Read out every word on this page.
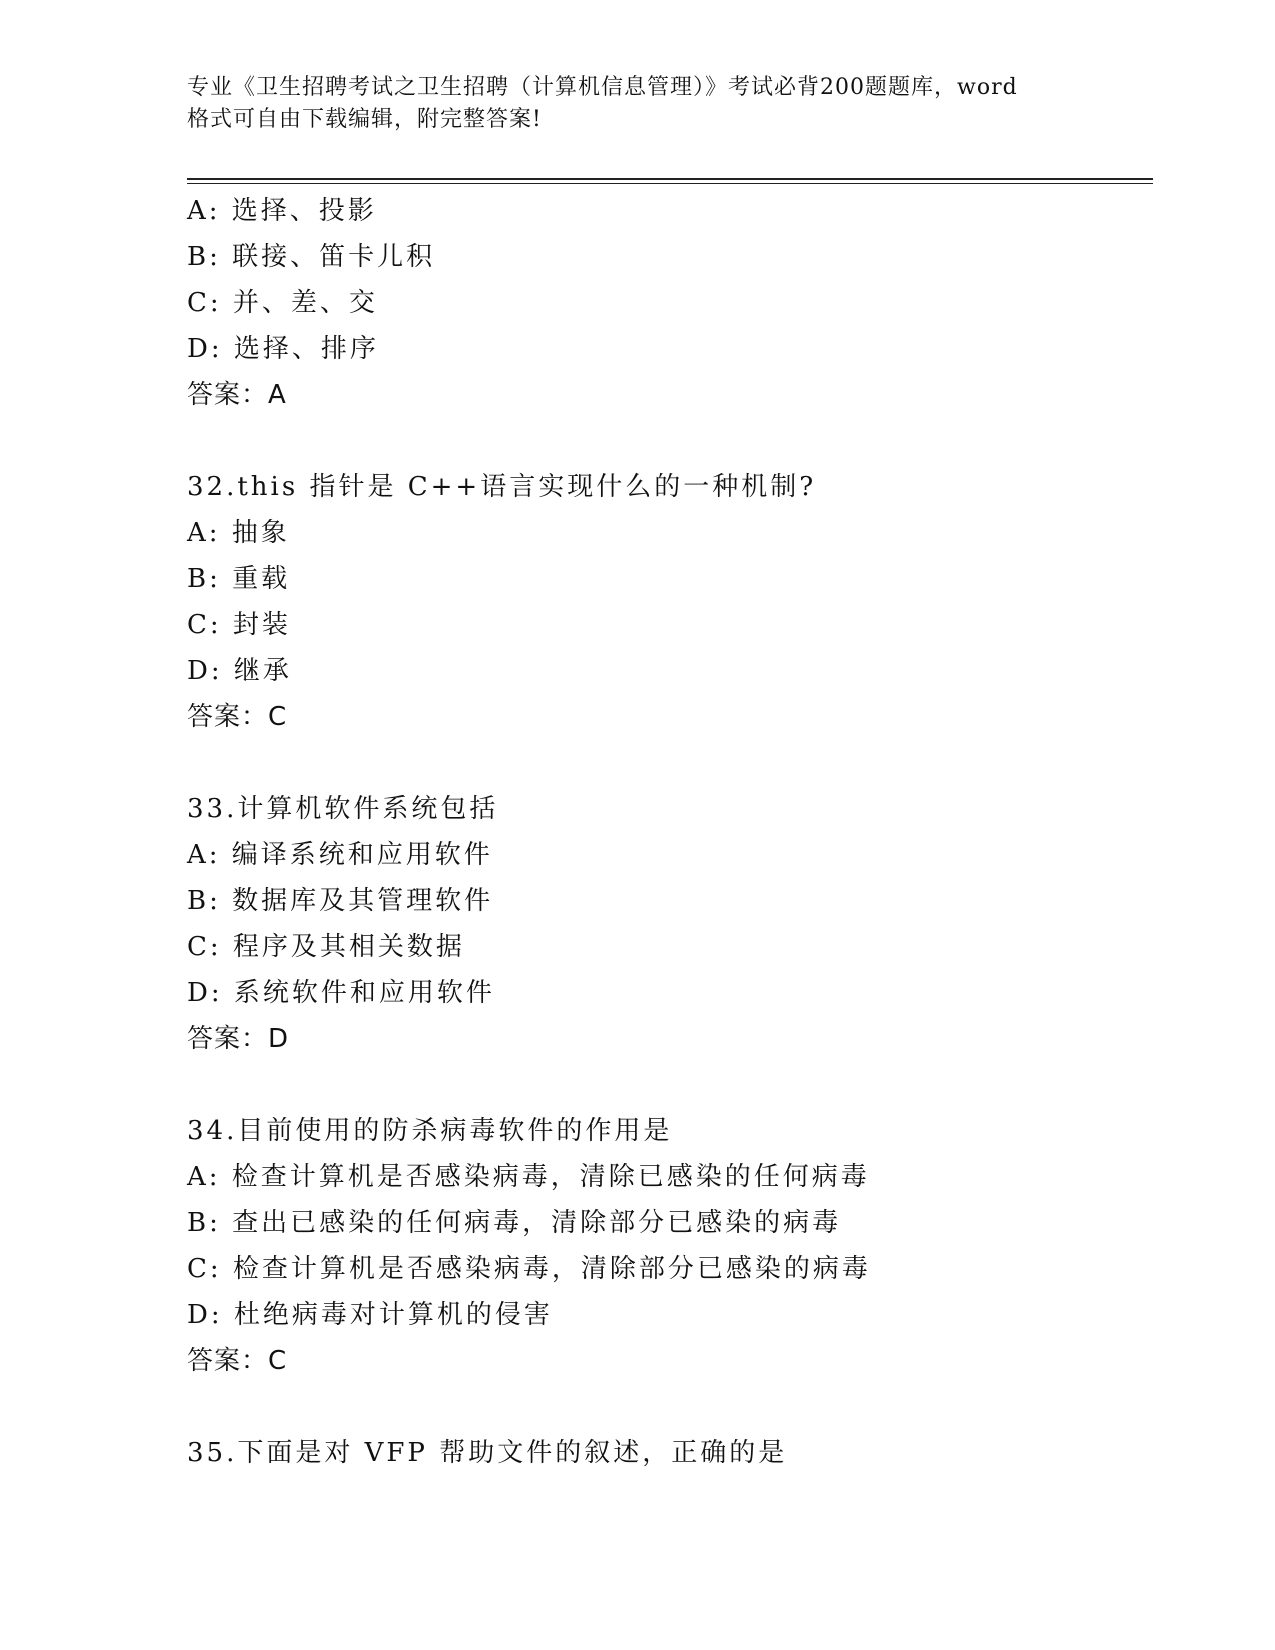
专业《卫生招聘考试之卫生招聘（计算机信息管理）》考试必背200题题库，word
格式可自由下载编辑，附完整答案!
A: 选择、投影
B: 联接、笛卡儿积
C: 并、差、交
D: 选择、排序
答案：A
32.this 指针是 C++语言实现什么的一种机制?
A: 抽象
B: 重载
C: 封装
D: 继承
答案：C
33.计算机软件系统包括
A: 编译系统和应用软件
B: 数据库及其管理软件
C: 程序及其相关数据
D: 系统软件和应用软件
答案：D
34.目前使用的防杀病毒软件的作用是
A: 检查计算机是否感染病毒，清除已感染的任何病毒
B: 查出已感染的任何病毒，清除部分已感染的病毒
C: 检查计算机是否感染病毒，清除部分已感染的病毒
D: 杜绝病毒对计算机的侵害
答案：C
35.下面是对 VFP 帮助文件的叙述，正确的是
